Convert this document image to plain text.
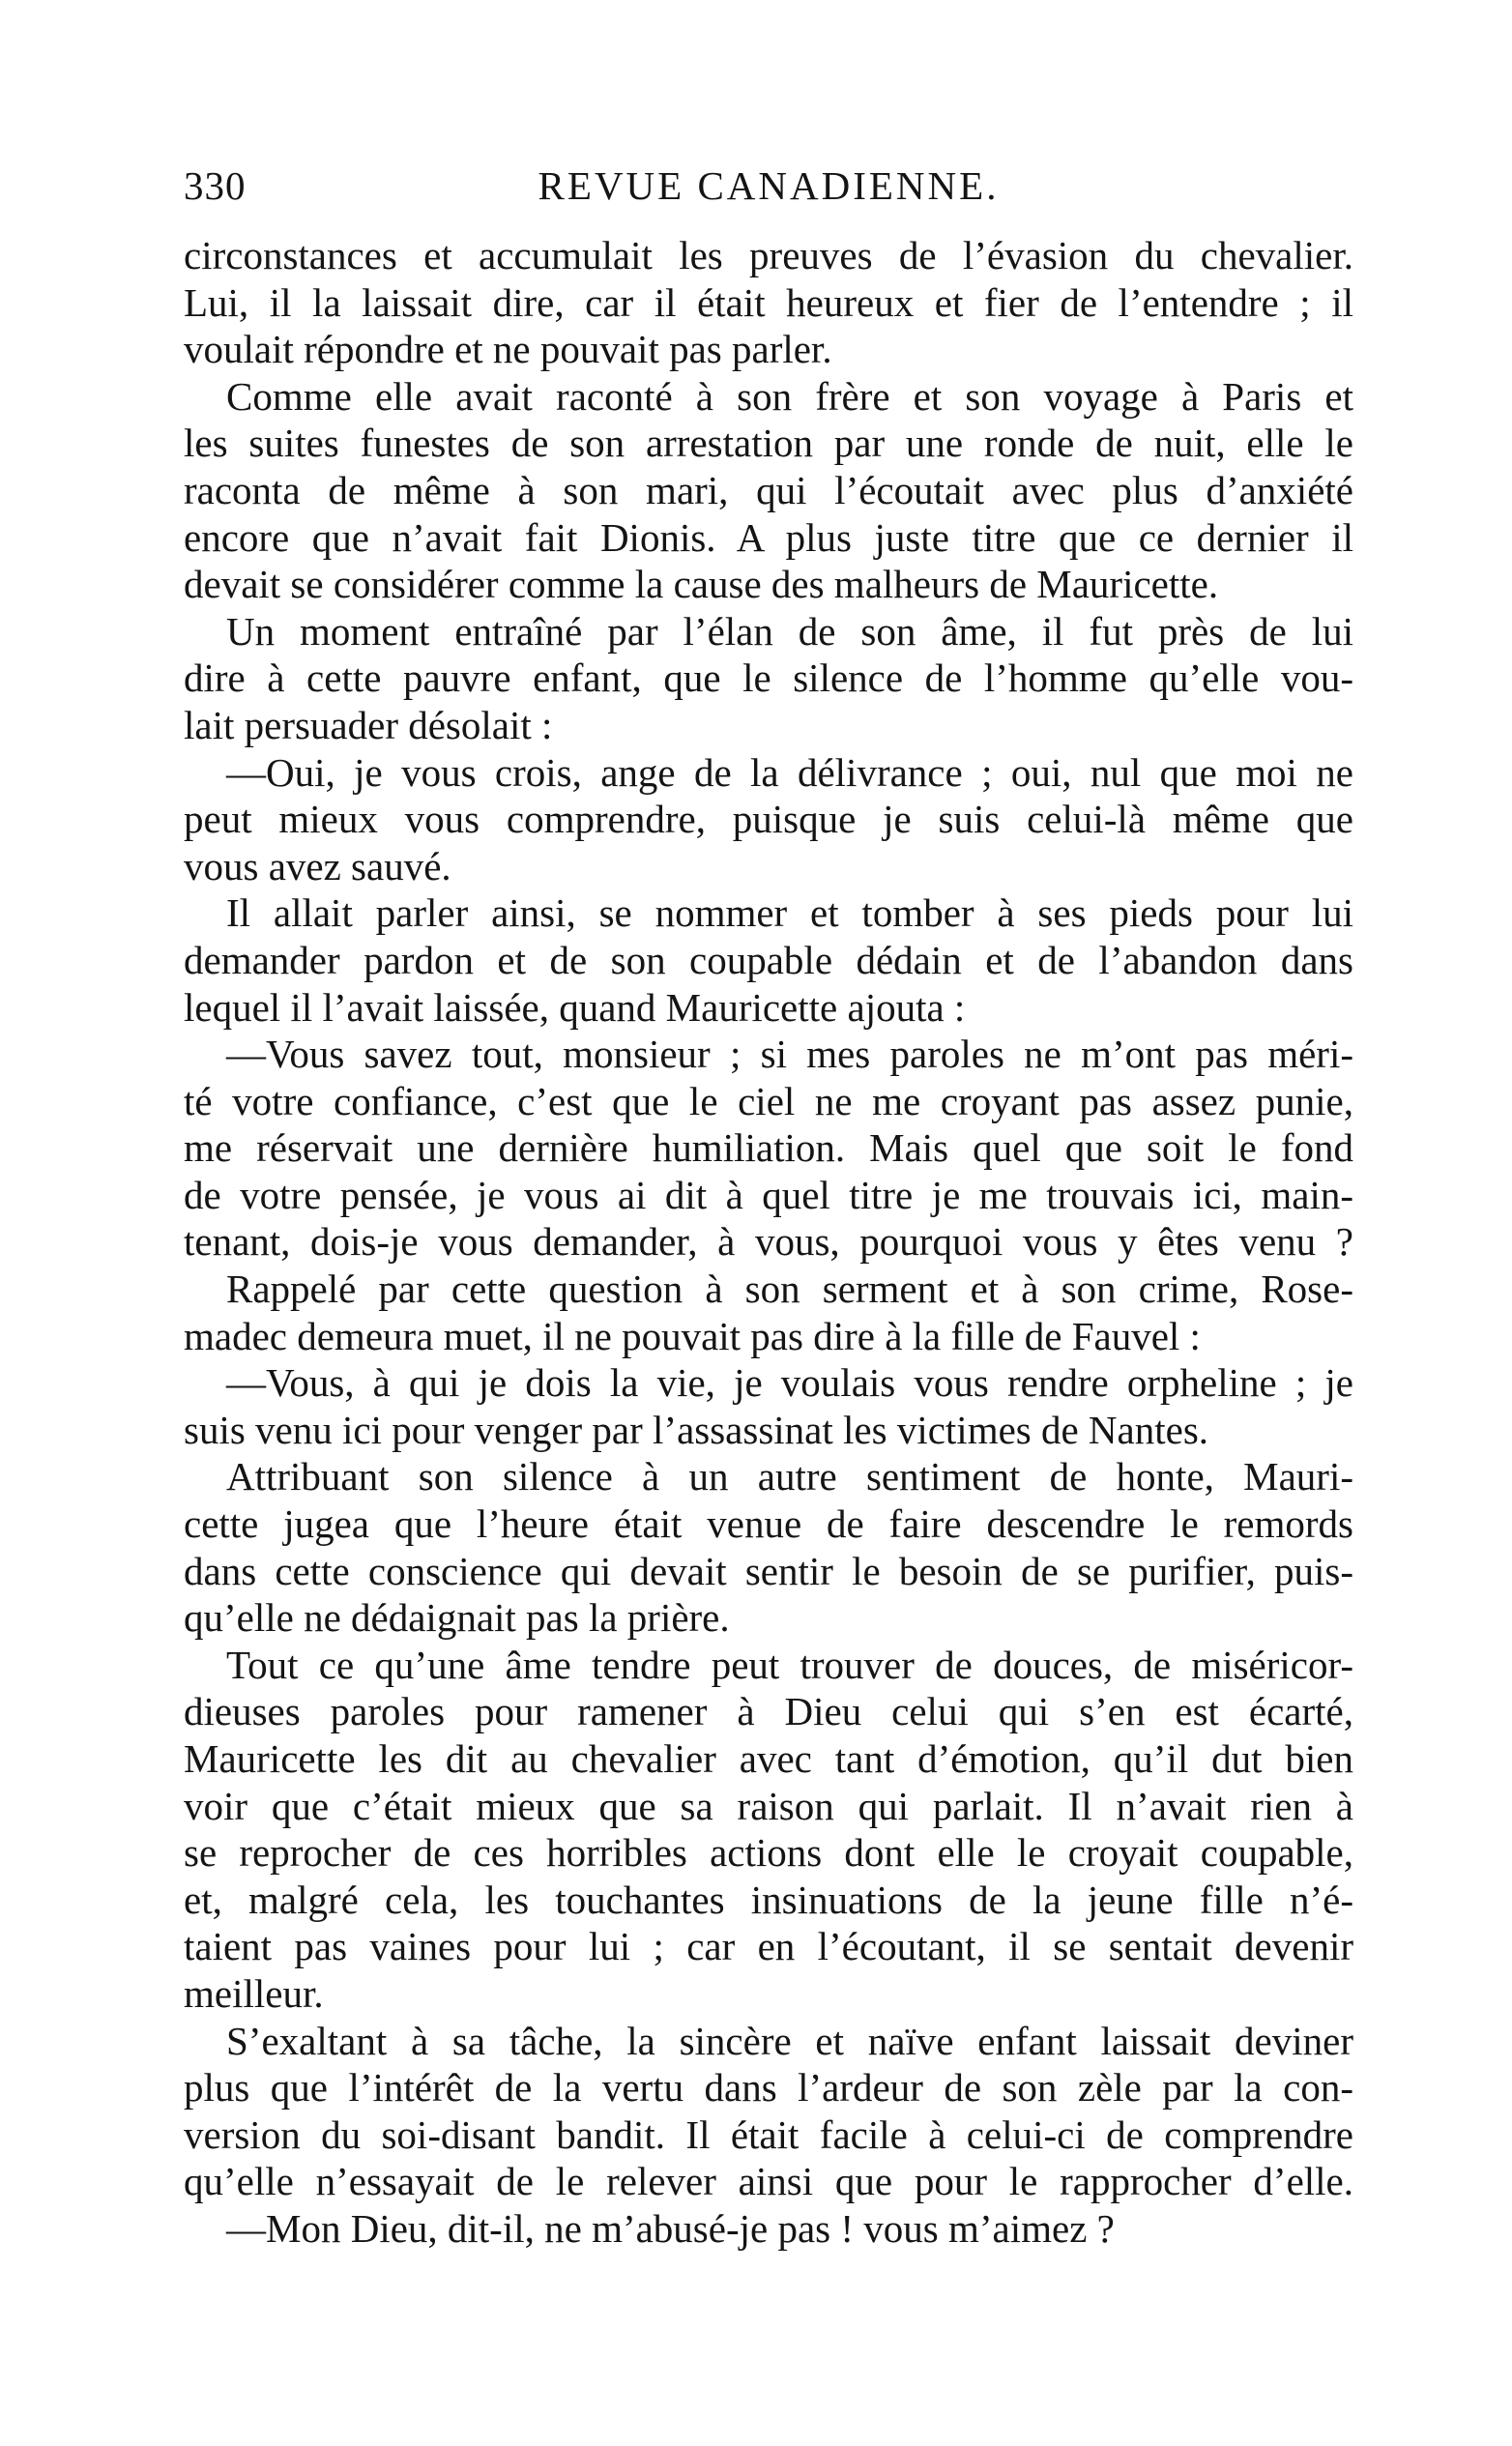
330	REVUE CANADIENNE.
circonstances et accumulait les preuves de l’évasion du chevalier.
Lui, il la laissait dire, car il était heureux et fier de l’entendre ; il
voulait répondre et ne pouvait pas parler.
Comme elle avait raconté à son frère et son voyage à Paris et
les suites funestes de son arrestation par une ronde de nuit, elle le
raconta de même à son mari, qui l’écoutait avec plus d’anxiété
encore que n’avait fait Dionis. A plus juste titre que ce dernier il
devait se considérer comme la cause des malheurs de Mauricette.
Un moment entraîné par l’élan de son âme, il fut près de lui
dire à cette pauvre enfant, que le silence de l’homme qu’elle vou-
lait persuader désolait :
—Oui, je vous crois, ange de la délivrance ; oui, nul que moi ne
peut mieux vous comprendre, puisque je suis celui-là même que
vous avez sauvé.
Il allait parler ainsi, se nommer et tomber à ses pieds pour lui
demander pardon et de son coupable dédain et de l’abandon dans
lequel il l’avait laissée, quand Mauricette ajouta :
—Vous savez tout, monsieur ; si mes paroles ne m’ont pas méri-
té votre confiance, c’est que le ciel ne me croyant pas assez punie,
me réservait une dernière humiliation. Mais quel que soit le fond
de votre pensée, je vous ai dit à quel titre je me trouvais ici, main-
tenant, dois-je vous demander, à vous, pourquoi vous y êtes venu ?
Rappelé par cette question à son serment et à son crime, Rose-
madec demeura muet, il ne pouvait pas dire à la fille de Fauvel :
—Vous, à qui je dois la vie, je voulais vous rendre orpheline ; je
suis venu ici pour venger par l’assassinat les victimes de Nantes.
Attribuant son silence à un autre sentiment de honte, Mauri-
cette jugea que l’heure était venue de faire descendre le remords
dans cette conscience qui devait sentir le besoin de se purifier, puis-
qu’elle ne dédaignait pas la prière.
Tout ce qu’une âme tendre peut trouver de douces, de miséricor-
dieuses paroles pour ramener à Dieu celui qui s’en est écarté,
Mauricette les dit au chevalier avec tant d’émotion, qu’il dut bien
voir que c’était mieux que sa raison qui parlait. Il n’avait rien à
se reprocher de ces horribles actions dont elle le croyait coupable,
et, malgré cela, les touchantes insinuations de la jeune fille n’é-
taient pas vaines pour lui ; car en l’écoutant, il se sentait devenir
meilleur.
S’exaltant à sa tâche, la sincère et naïve enfant laissait deviner
plus que l’intérêt de la vertu dans l’ardeur de son zèle par la con-
version du soi-disant bandit. Il était facile à celui-ci de comprendre
qu’elle n’essayait de le relever ainsi que pour le rapprocher d’elle.
—Mon Dieu, dit-il, ne m’abusé-je pas ! vous m’aimez ?
